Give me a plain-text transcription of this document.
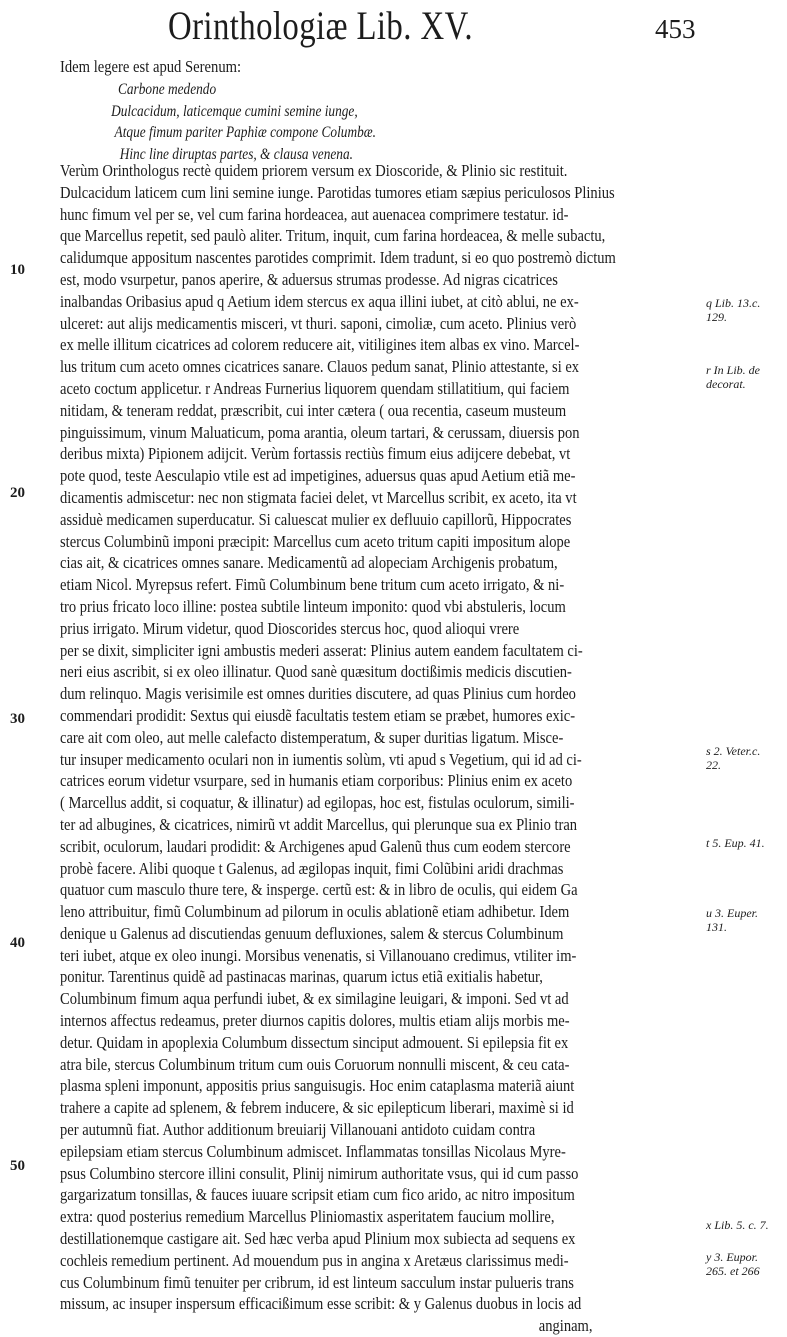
Orinthologiæ Lib. XV.	453
Idem legere est apud Serenum:
Carbone medendo
Dulcacidum, laticemque cumini semine iunge,
Atque fimum pariter Paphiæ compone Columbæ.
Hinc line diruptas partes, & clausa venena.
Verùm Orinthologus rectè quidem priorem versum ex Dioscoride, & Plinio sic restituit.
Dulcacidum laticem cum lini semine iunge. Parotidas tumores etiam sæpius periculosos Plinius
hunc fimum vel per se, vel cum farina hordeacea, aut auenacea comprimere testatur. id-
que Marcellus repetit, sed paulò aliter. Tritum, inquit, cum farina hordeacea, & melle subactu,
calidumque appositum nascentes parotides comprimit. Idem tradunt, si eo quo postremò dictum
est, modo vsurpetur, panos aperire, & aduersus strumas prodesse. Ad nigras cicatrices
inalbandas Oribasius apud q Aetium idem stercus ex aqua illini iubet, at citò ablui, ne ex-
ulceret: aut alijs medicamentis misceri, vt thuri. saponi, cimoliæ, cum aceto. Plinius verò
ex melle illitum cicatrices ad colorem reducere ait, vitiligines item albas ex vino. Marcel-
lus tritum cum aceto omnes cicatrices sanare. Clauos pedum sanat, Plinio attestante, si ex
aceto coctum applicetur. r Andreas Furnerius liquorem quendam stillatitium, qui faciem
nitidam, & teneram reddat, præscribit, cui inter cætera ( oua recentia, caseum musteum
pinguissimum, vinum Maluaticum, poma arantia, oleum tartari, & cerussam, diuersis pon
deribus mixta) Pipionem adijcit. Verùm fortassis rectiùs fimum eius adijcere debebat, vt
pote quod, teste Aesculapio vtile est ad impetigines, aduersus quas apud Aetium etiã me-
dicamentis admiscetur: nec non stigmata faciei delet, vt Marcellus scribit, ex aceto, ita vt
assiduè medicamen superducatur. Si caluescat mulier ex defluuio capillorũ, Hippocrates
stercus Columbinũ imponi præcipit: Marcellus cum aceto tritum capiti impositum alope
cias ait, & cicatrices omnes sanare. Medicamentũ ad alopeciam Archigenis probatum,
etiam Nicol. Myrepsus refert. Fimũ Columbinum bene tritum cum aceto irrigato, & ni-
tro prius fricato loco illine: postea subtile linteum imponito: quod vbi abstuleris, locum
prius irrigato. Mirum videtur, quod Dioscorides stercus hoc, quod alioqui vrere
per se dixit, simpliciter igni ambustis mederi asserat: Plinius autem eandem facultatem ci-
neri eius ascribit, si ex oleo illinatur. Quod sanè quæsitum doctißimis medicis discutien-
dum relinquo. Magis verisimile est omnes durities discutere, ad quas Plinius cum hordeo
commendari prodidit: Sextus qui eiusdẽ facultatis testem etiam se præbet, humores exic-
care ait com oleo, aut melle calefacto distemperatum, & super duritias ligatum. Misce-
tur insuper medicamento oculari non in iumentis solùm, vti apud s Vegetium, qui id ad ci-
catrices eorum videtur vsurpare, sed in humanis etiam corporibus: Plinius enim ex aceto
( Marcellus addit, si coquatur, & illinatur) ad egilopas, hoc est, fistulas oculorum, simili-
ter ad albugines, & cicatrices, nimirũ vt addit Marcellus, qui plerunque sua ex Plinio tran
scribit, oculorum, laudari prodidit: & Archigenes apud Galenũ thus cum eodem stercore
probè facere. Alibi quoque t Galenus, ad ægilopas inquit, fimi Colũbini aridi drachmas
quatuor cum masculo thure tere, & insperge. certũ est: & in libro de oculis, qui eidem Ga
leno attribuitur, fimũ Columbinum ad pilorum in oculis ablationẽ etiam adhibetur. Idem
denique u Galenus ad discutiendas genuum defluxiones, salem & stercus Columbinum
teri iubet, atque ex oleo inungi. Morsibus venenatis, si Villanouano credimus, vtiliter im-
ponitur. Tarentinus quidẽ ad pastinacas marinas, quarum ictus etiã exitialis habetur,
Columbinum fimum aqua perfundi iubet, & ex similagine leuigari, & imponi. Sed vt ad
internos affectus redeamus, preter diurnos capitis dolores, multis etiam alijs morbis me-
detur. Quidam in apoplexia Columbum dissectum sinciput admouent. Si epilepsia fit ex
atra bile, stercus Columbinum tritum cum ouis Coruorum nonnulli miscent, & ceu cata-
plasma spleni imponunt, appositis prius sanguisugis. Hoc enim cataplasma materiã aiunt
trahere a capite ad splenem, & febrem inducere, & sic epilepticum liberari, maximè si id
per autumnũ fiat. Author additionum breuiarij Villanouani antidoto cuidam contra
epilepsiam etiam stercus Columbinum admiscet. Inflammatas tonsillas Nicolaus Myre-
psus Columbino stercore illini consulit, Plinij nimirum authoritate vsus, qui id cum passo
gargarizatum tonsillas, & fauces iuuare scripsit etiam cum fico arido, ac nitro impositum
extra: quod posterius remedium Marcellus Pliniomastix asperitatem faucium mollire,
destillationemque castigare ait. Sed hæc verba apud Plinium mox subiecta ad sequens ex
cochleis remedium pertinent. Ad mouendum pus in angina x Aretæus clarissimus medi-
cus Columbinum fimũ tenuiter per cribrum, id est linteum sacculum instar pulueris trans
missum, ac insuper inspersum efficacißimum esse scribit: & y Galenus duobus in locis ad
anginam,
10
20
30
40
50
q Lib. 13.c.
129.
r In Lib. de
decorat.
s 2. Veter.c.
22.
t 5. Eup. 41.
u 3. Euper.
131.
x Lib. 5. c. 7.
y 3. Eupor.
265. et 266
